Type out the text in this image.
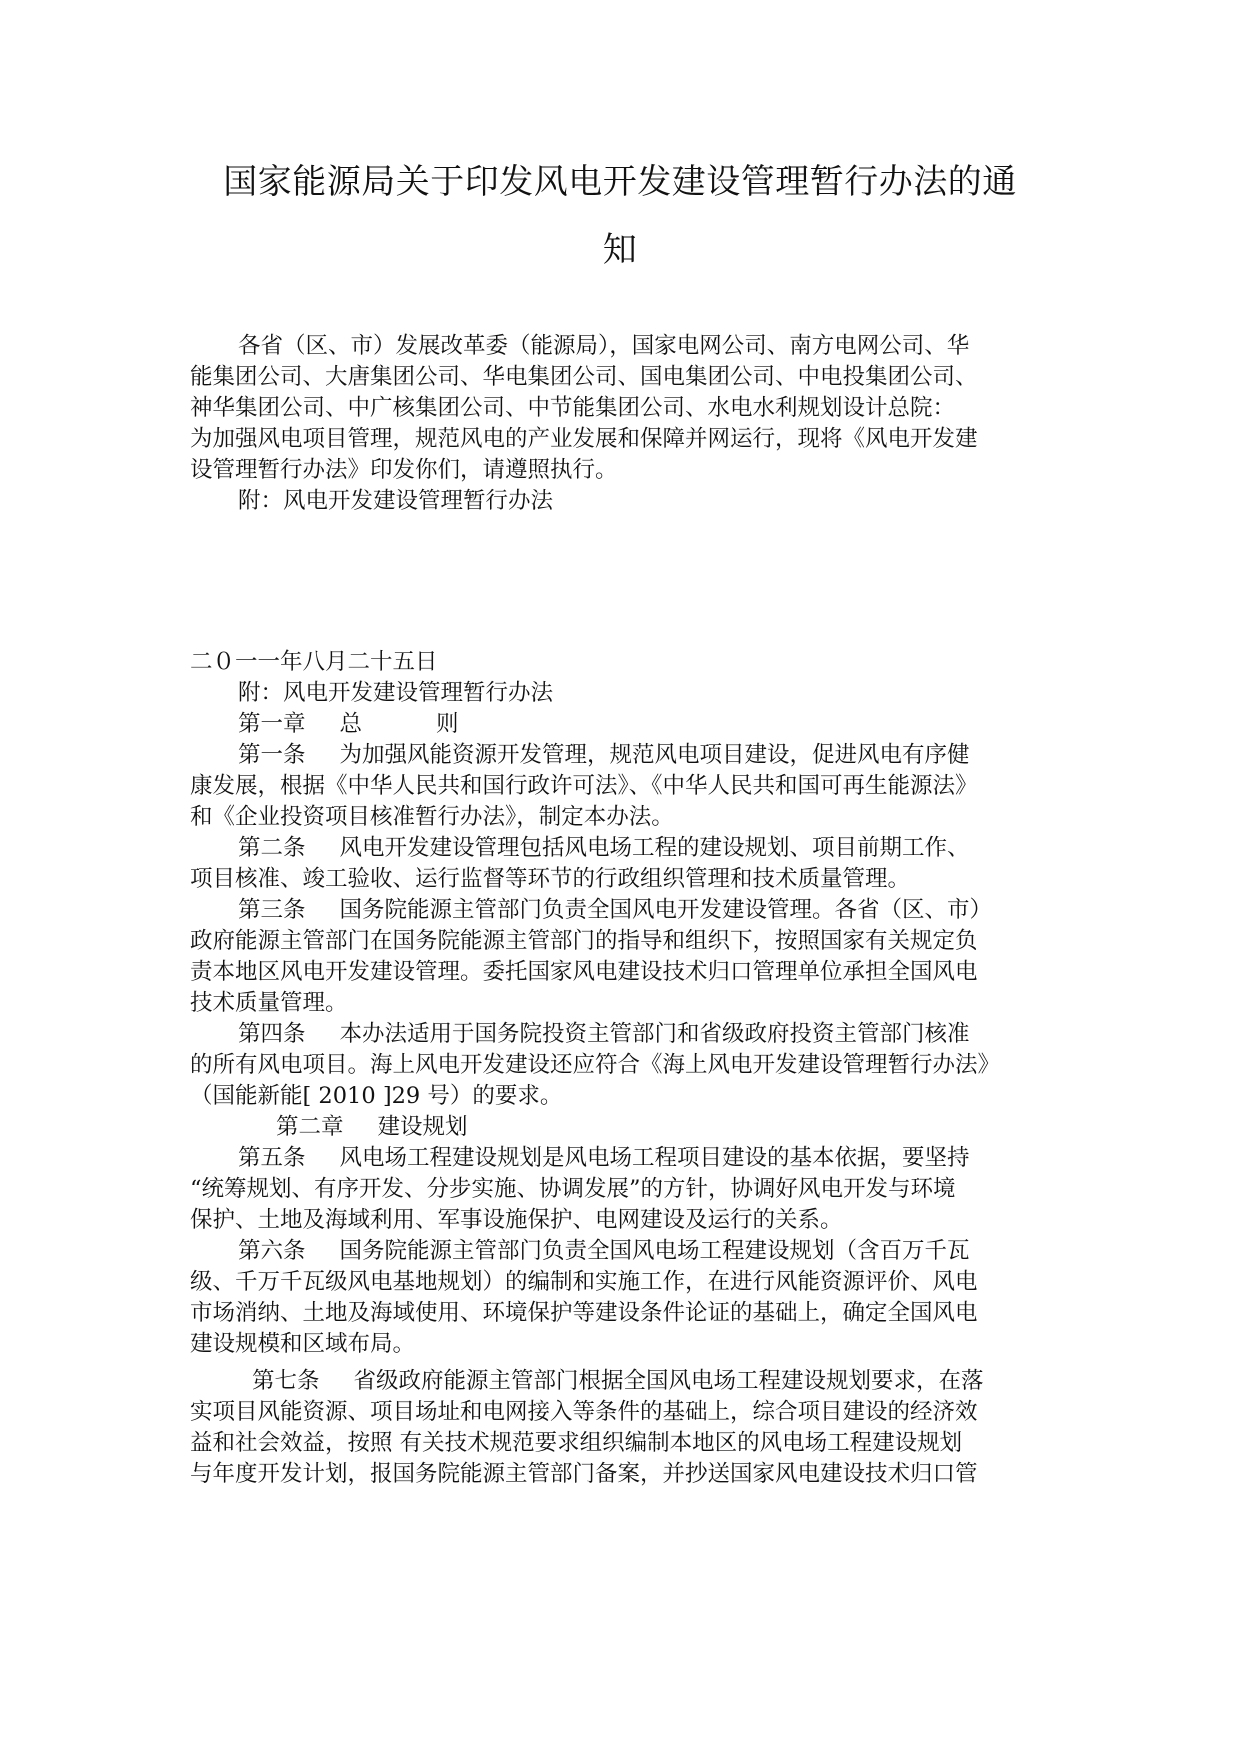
国家能源局关于印发风电开发建设管理暂行办法的通
知
各省（区、市）发展改革委（能源局），国家电网公司、南方电网公司、华
能集团公司、大唐集团公司、华电集团公司、国电集团公司、中电投集团公司、
神华集团公司、中广核集团公司、中节能集团公司、水电水利规划设计总院：
为加强风电项目管理，规范风电的产业发展和保障并网运行，现将《风电开发建
设管理暂行办法》印发你们，请遵照执行。
附：风电开发建设管理暂行办法
二０一一年八月二十五日
附：风电开发建设管理暂行办法
第一章 总	则
第一条 为加强风能资源开发管理，规范风电项目建设，促进风电有序健
康发展，根据《中华人民共和国行政许可法》、《中华人民共和国可再生能源法》
和《企业投资项目核准暂行办法》，制定本办法。
第二条 风电开发建设管理包括风电场工程的建设规划、项目前期工作、
项目核准、竣工验收、运行监督等环节的行政组织管理和技术质量管理。
第三条 国务院能源主管部门负责全国风电开发建设管理。各省（区、市）
政府能源主管部门在国务院能源主管部门的指导和组织下，按照国家有关规定负
责本地区风电开发建设管理。委托国家风电建设技术归口管理单位承担全国风电
技术质量管理。
第四条 本办法适用于国务院投资主管部门和省级政府投资主管部门核准
的所有风电项目。海上风电开发建设还应符合《海上风电开发建设管理暂行办法》
（国能新能[ 2010 ]29 号）的要求。
第二章 建设规划
第五条 风电场工程建设规划是风电场工程项目建设的基本依据，要坚持
“统筹规划、有序开发、分步实施、协调发展”的方针，协调好风电开发与环境
保护、土地及海域利用、军事设施保护、电网建设及运行的关系。
第六条 国务院能源主管部门负责全国风电场工程建设规划（含百万千瓦
级、千万千瓦级风电基地规划）的编制和实施工作，在进行风能资源评价、风电
市场消纳、土地及海域使用、环境保护等建设条件论证的基础上，确定全国风电
建设规模和区域布局。
第七条 省级政府能源主管部门根据全国风电场工程建设规划要求，在落
实项目风能资源、项目场址和电网接入等条件的基础上，综合项目建设的经济效
益和社会效益，按照 有关技术规范要求组织编制本地区的风电场工程建设规划
与年度开发计划，报国务院能源主管部门备案，并抄送国家风电建设技术归口管
